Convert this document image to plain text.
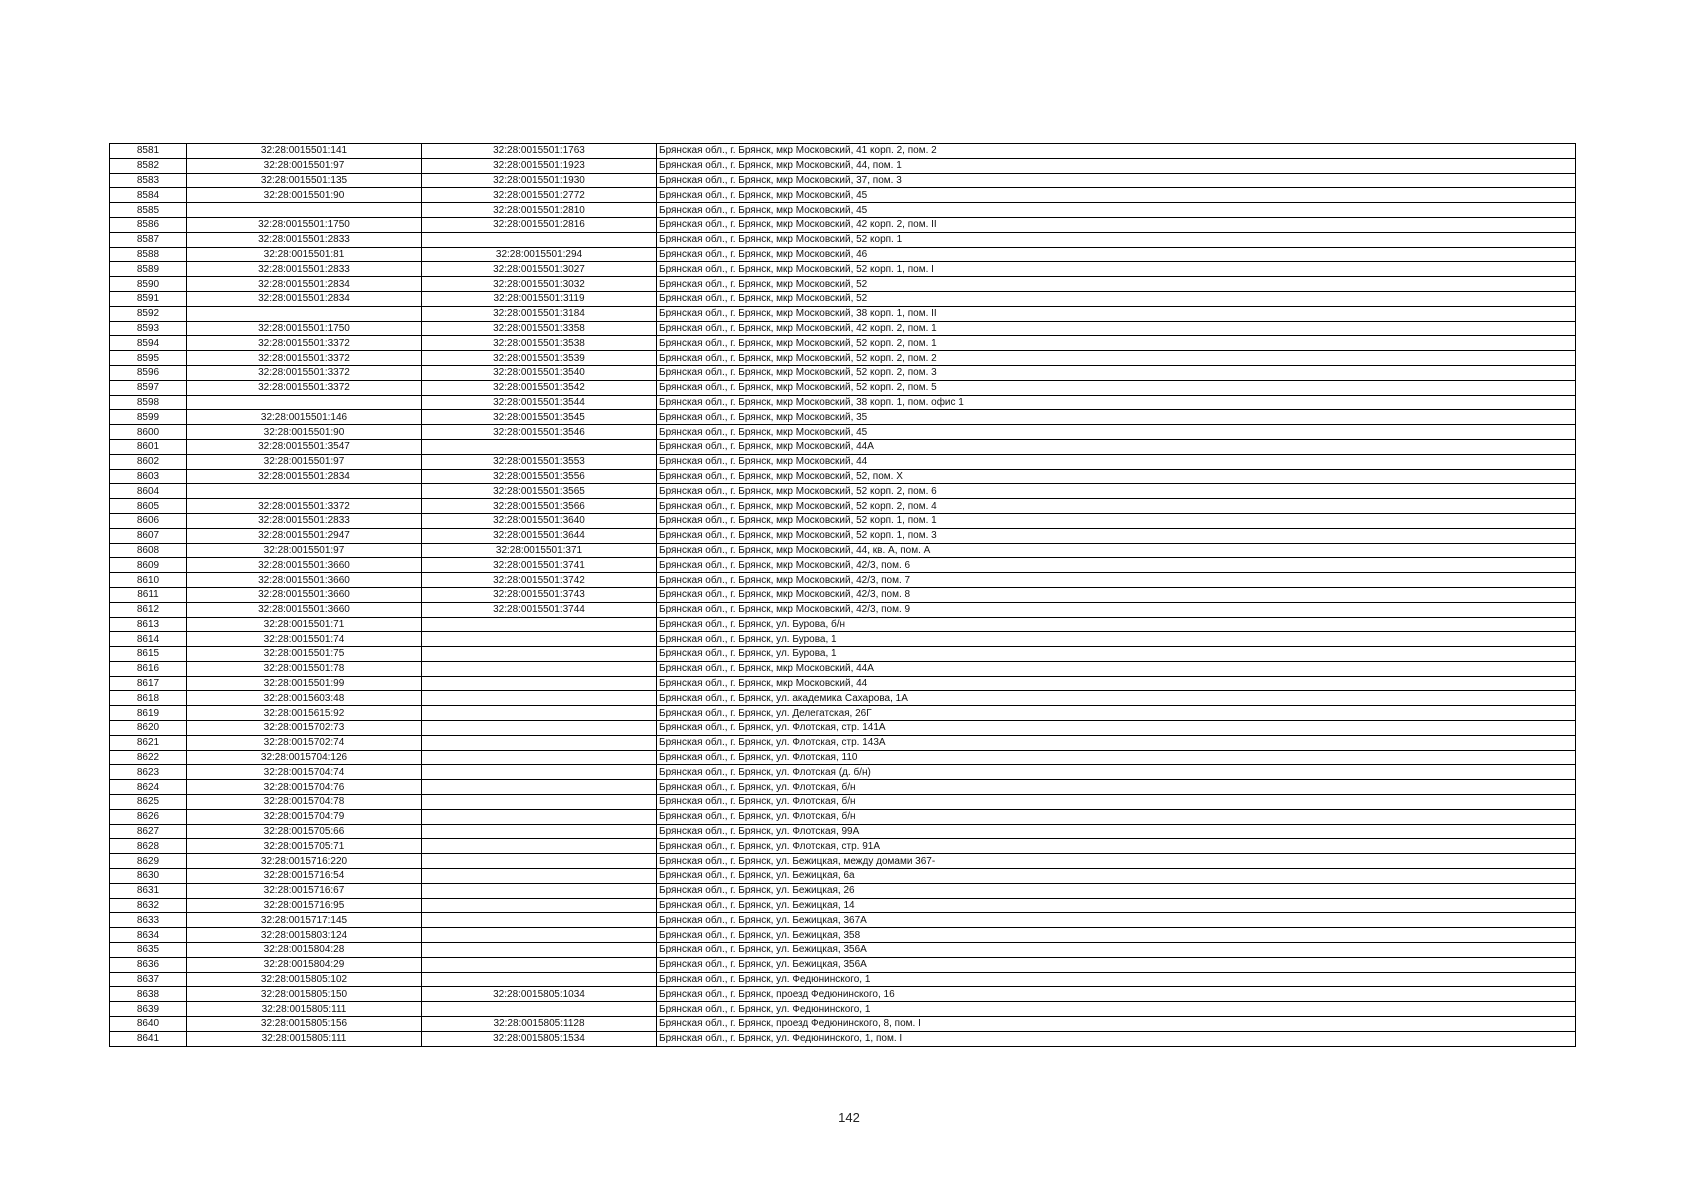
8581	32:28:0015501:141	32:28:0015501:1763	Брянская обл., г. Брянск, мкр Московский, 41 корп. 2, пом. 2
8582	32:28:0015501:97	32:28:0015501:1923	Брянская обл., г. Брянск, мкр Московский, 44, пом. 1
8583	32:28:0015501:135	32:28:0015501:1930	Брянская обл., г. Брянск, мкр Московский, 37, пом. 3
8584	32:28:0015501:90	32:28:0015501:2772	Брянская обл., г. Брянск, мкр Московский, 45
8585		32:28:0015501:2810	Брянская обл., г. Брянск, мкр Московский, 45
8586	32:28:0015501:1750	32:28:0015501:2816	Брянская обл., г. Брянск, мкр Московский, 42 корп. 2, пом. II
8587	32:28:0015501:2833		Брянская обл., г. Брянск, мкр Московский, 52 корп. 1
8588	32:28:0015501:81	32:28:0015501:294	Брянская обл., г. Брянск, мкр Московский, 46
8589	32:28:0015501:2833	32:28:0015501:3027	Брянская обл., г. Брянск, мкр Московский, 52 корп. 1, пом. I
8590	32:28:0015501:2834	32:28:0015501:3032	Брянская обл., г. Брянск, мкр Московский, 52
8591	32:28:0015501:2834	32:28:0015501:3119	Брянская обл., г. Брянск, мкр Московский, 52
8592		32:28:0015501:3184	Брянская обл., г. Брянск, мкр Московский, 38 корп. 1, пом. II
8593	32:28:0015501:1750	32:28:0015501:3358	Брянская обл., г. Брянск, мкр Московский, 42 корп. 2, пом. 1
8594	32:28:0015501:3372	32:28:0015501:3538	Брянская обл., г. Брянск, мкр Московский, 52 корп. 2, пом. 1
8595	32:28:0015501:3372	32:28:0015501:3539	Брянская обл., г. Брянск, мкр Московский, 52 корп. 2, пом. 2
8596	32:28:0015501:3372	32:28:0015501:3540	Брянская обл., г. Брянск, мкр Московский, 52 корп. 2, пом. 3
8597	32:28:0015501:3372	32:28:0015501:3542	Брянская обл., г. Брянск, мкр Московский, 52 корп. 2, пом. 5
8598		32:28:0015501:3544	Брянская обл., г. Брянск, мкр Московский, 38 корп. 1, пом. офис 1
8599	32:28:0015501:146	32:28:0015501:3545	Брянская обл., г. Брянск, мкр Московский, 35
8600	32:28:0015501:90	32:28:0015501:3546	Брянская обл., г. Брянск, мкр Московский, 45
8601	32:28:0015501:3547		Брянская обл., г. Брянск, мкр Московский, 44А
8602	32:28:0015501:97	32:28:0015501:3553	Брянская обл., г. Брянск, мкр Московский, 44
8603	32:28:0015501:2834	32:28:0015501:3556	Брянская обл., г. Брянск, мкр Московский, 52, пом. X
8604		32:28:0015501:3565	Брянская обл., г. Брянск, мкр Московский, 52 корп. 2, пом. 6
8605	32:28:0015501:3372	32:28:0015501:3566	Брянская обл., г. Брянск, мкр Московский, 52 корп. 2, пом. 4
8606	32:28:0015501:2833	32:28:0015501:3640	Брянская обл., г. Брянск, мкр Московский, 52 корп. 1, пом. 1
8607	32:28:0015501:2947	32:28:0015501:3644	Брянская обл., г. Брянск, мкр Московский, 52 корп. 1, пом. 3
8608	32:28:0015501:97	32:28:0015501:371	Брянская обл., г. Брянск, мкр Московский, 44, кв. А, пом. А
8609	32:28:0015501:3660	32:28:0015501:3741	Брянская обл., г. Брянск, мкр Московский, 42/3, пом. 6
8610	32:28:0015501:3660	32:28:0015501:3742	Брянская обл., г. Брянск, мкр Московский, 42/3, пом. 7
8611	32:28:0015501:3660	32:28:0015501:3743	Брянская обл., г. Брянск, мкр Московский, 42/3, пом. 8
8612	32:28:0015501:3660	32:28:0015501:3744	Брянская обл., г. Брянск, мкр Московский, 42/3, пом. 9
8613	32:28:0015501:71		Брянская обл., г. Брянск, ул. Бурова, б/н
8614	32:28:0015501:74		Брянская обл., г. Брянск, ул. Бурова, 1
8615	32:28:0015501:75		Брянская обл., г. Брянск, ул. Бурова, 1
8616	32:28:0015501:78		Брянская обл., г. Брянск, мкр Московский, 44А
8617	32:28:0015501:99		Брянская обл., г. Брянск, мкр Московский, 44
8618	32:28:0015603:48		Брянская обл., г. Брянск, ул. академика Сахарова, 1А
8619	32:28:0015615:92		Брянская обл., г. Брянск, ул. Делегатская, 26Г
8620	32:28:0015702:73		Брянская обл., г. Брянск, ул. Флотская, стр. 141А
8621	32:28:0015702:74		Брянская обл., г. Брянск, ул. Флотская, стр. 143А
8622	32:28:0015704:126		Брянская обл., г. Брянск, ул. Флотская, 110
8623	32:28:0015704:74		Брянская обл., г. Брянск, ул. Флотская (д. б/н)
8624	32:28:0015704:76		Брянская обл., г. Брянск, ул. Флотская, б/н
8625	32:28:0015704:78		Брянская обл., г. Брянск, ул. Флотская, б/н
8626	32:28:0015704:79		Брянская обл., г. Брянск, ул. Флотская, б/н
8627	32:28:0015705:66		Брянская обл., г. Брянск, ул. Флотская, 99А
8628	32:28:0015705:71		Брянская обл., г. Брянск, ул. Флотская, стр. 91А
8629	32:28:0015716:220		Брянская обл., г. Брянск, ул. Бежицкая, между домами 367-
8630	32:28:0015716:54		Брянская обл., г. Брянск, ул. Бежицкая, 6а
8631	32:28:0015716:67		Брянская обл., г. Брянск, ул. Бежицкая, 26
8632	32:28:0015716:95		Брянская обл., г. Брянск, ул. Бежицкая, 14
8633	32:28:0015717:145		Брянская обл., г. Брянск, ул. Бежицкая, 367А
8634	32:28:0015803:124		Брянская обл., г. Брянск, ул. Бежицкая, 358
8635	32:28:0015804:28		Брянская обл., г. Брянск, ул. Бежицкая, 356А
8636	32:28:0015804:29		Брянская обл., г. Брянск, ул. Бежицкая, 356А
8637	32:28:0015805:102		Брянская обл., г. Брянск, ул. Федюнинского, 1
8638	32:28:0015805:150	32:28:0015805:1034	Брянская обл., г. Брянск, проезд Федюнинского, 16
8639	32:28:0015805:111		Брянская обл., г. Брянск, ул. Федюнинского, 1
8640	32:28:0015805:156	32:28:0015805:1128	Брянская обл., г. Брянск, проезд Федюнинского, 8, пом. I
8641	32:28:0015805:111	32:28:0015805:1534	Брянская обл., г. Брянск, ул. Федюнинского, 1, пом. I
142
